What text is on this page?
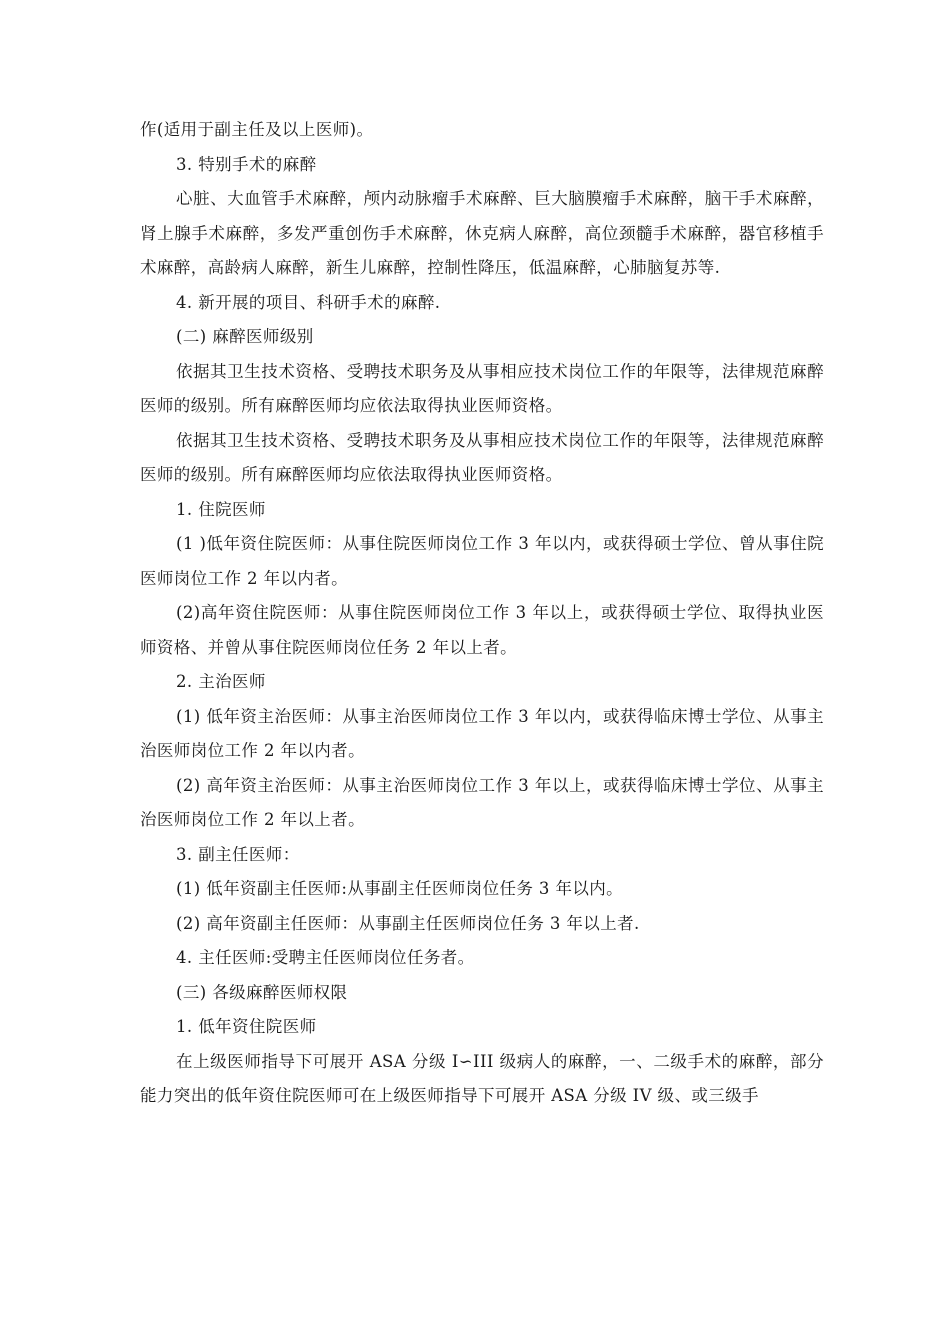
作(适用于副主任及以上医师)。

3. 特别手术的麻醉

心脏、大血管手术麻醉，颅内动脉瘤手术麻醉、巨大脑膜瘤手术麻醉，脑干手术麻醉，肾上腺手术麻醉，多发严重创伤手术麻醉，休克病人麻醉，高位颈髓手术麻醉，器官移植手术麻醉，高龄病人麻醉，新生儿麻醉，控制性降压，低温麻醉，心肺脑复苏等.

4. 新开展的项目、科研手术的麻醉.

(二) 麻醉医师级别

依据其卫生技术资格、受聘技术职务及从事相应技术岗位工作的年限等，法律规范麻醉医师的级别。所有麻醉医师均应依法取得执业医师资格。

依据其卫生技术资格、受聘技术职务及从事相应技术岗位工作的年限等，法律规范麻醉医师的级别。所有麻醉医师均应依法取得执业医师资格。

1. 住院医师

(1 )低年资住院医师：从事住院医师岗位工作 3 年以内，或获得硕士学位、曾从事住院医师岗位工作 2 年以内者。

(2)高年资住院医师：从事住院医师岗位工作 3 年以上，或获得硕士学位、取得执业医师资格、并曾从事住院医师岗位任务 2 年以上者。

2. 主治医师

(1) 低年资主治医师：从事主治医师岗位工作 3 年以内，或获得临床博士学位、从事主治医师岗位工作 2 年以内者。

(2) 高年资主治医师：从事主治医师岗位工作 3 年以上，或获得临床博士学位、从事主治医师岗位工作 2 年以上者。

3. 副主任医师：

(1) 低年资副主任医师:从事副主任医师岗位任务 3 年以内。

(2) 高年资副主任医师：从事副主任医师岗位任务 3 年以上者.

4. 主任医师:受聘主任医师岗位任务者。

(三) 各级麻醉医师权限

1. 低年资住院医师

在上级医师指导下可展开 ASA 分级 I∽III 级病人的麻醉，一、二级手术的麻醉，部分能力突出的低年资住院医师可在上级医师指导下可展开 ASA 分级 IV 级、或三级手
